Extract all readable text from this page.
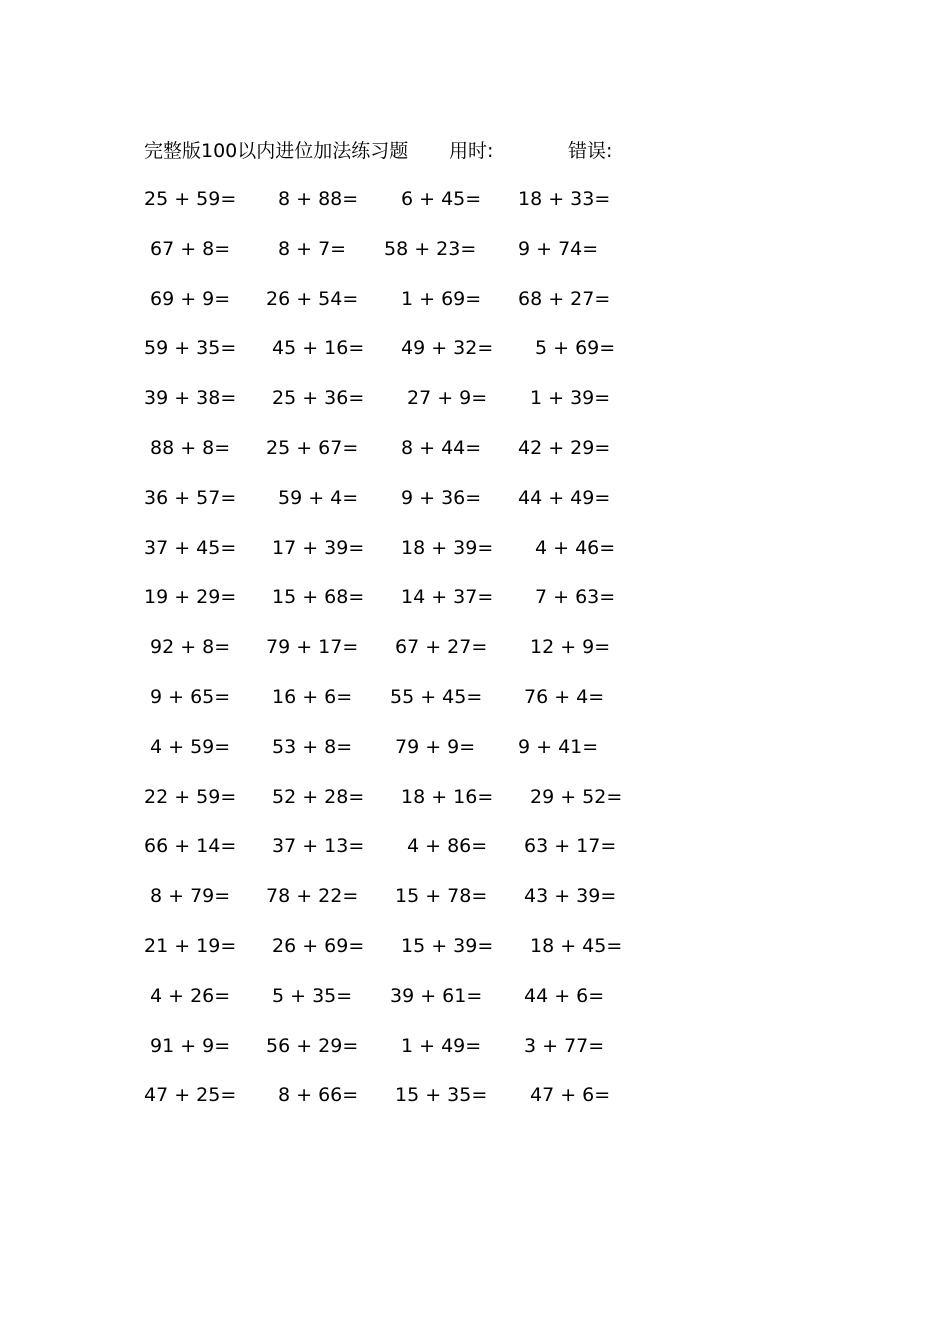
完整版100以内进位加法练习题 用时:	错误:
25 + 59= 8 + 88= 6 + 45= 18 + 33=
67 + 8=	8 + 7= 58 + 23= 9 + 74=
69 + 9= 26 + 54= 1 + 69= 68 + 27=
59 + 35= 45 + 16= 49 + 32= 5 + 69=
39 + 38= 25 + 36= 27 + 9= 1 + 39=
88 + 8= 25 + 67= 8 + 44= 42 + 29=
36 + 57= 59 + 4= 9 + 36= 44 + 49=
37 + 45= 17 + 39= 18 + 39= 4 + 46=
19 + 29= 15 + 68= 14 + 37= 7 + 63=
92 + 8= 79 + 17= 67 + 27= 12 + 9=
9 + 65= 16 + 6= 55 + 45= 76 + 4=
4 + 59= 53 + 8= 79 + 9= 9 + 41=
22 + 59= 52 + 28= 18 + 16= 29 + 52=
66 + 14= 37 + 13= 4 + 86= 63 + 17=
8 + 79= 78 + 22= 15 + 78= 43 + 39=
21 + 19= 26 + 69= 15 + 39= 18 + 45=
4 + 26= 5 + 35= 39 + 61= 44 + 6=
91 + 9= 56 + 29= 1 + 49= 3 + 77=
47 + 25= 8 + 66= 15 + 35= 47 + 6=
